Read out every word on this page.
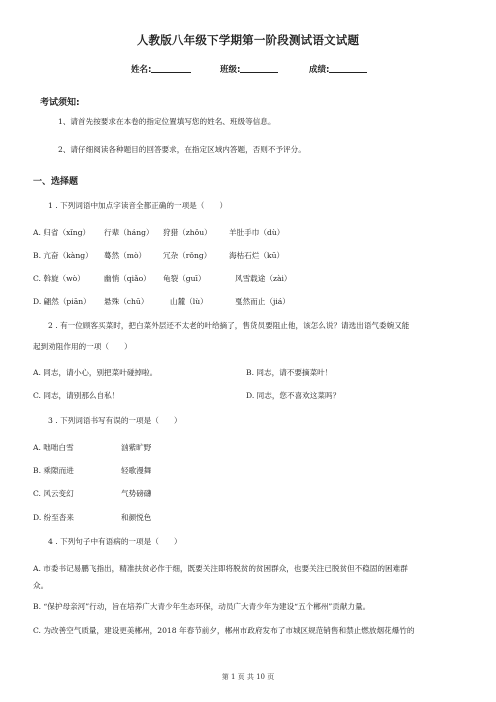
人教版八年级下学期第一阶段测试语文试题
姓名:	班级:	成绩:
考试须知:
1、请首先按要求在本卷的指定位置填写您的姓名、班级等信息。
2、请仔细阅读各种题目的回答要求，在指定区域内答题，否则不予评分。
一、选择题
1 . 下列词语中加点字读音全都正确的一项是（　　）
A. 归省（xǐng） 行辈（háng） 狩猎（zhǒu） 羊肚手巾（dù）
B. 亢奋（kàng） 蓦然（mò） 冗杂（rǒng） 海枯石烂（kū）
C. 斡旋（wò）	幽悄（qiǎo） 龟裂（guī）	风雪载途（zài）
D. 翩然（piān） 悬殊（chū）	山麓（lù）	戛然而止（jiá）
2 . 有一位顾客买菜时，把白菜外层还不太老的叶给摘了，售货员要阻止他，该怎么说？请选出语气委婉又能
起到劝阻作用的一项（　　）
A. 同志，请小心，别把菜叶碰掉啦。	B. 同志，请不要摘菜叶！
C. 同志，请别那么自私！	D. 同志，您不喜欢这菜吗？
3 . 下列词语书写有误的一项是（　　）
A. 咄咄白雪	汹紫旷野
B. 乘隙而进	轻歌漫舞
C. 风云变幻	气势磅礴
D. 纷至沓来	和颜悦色
4 . 下列句子中有语病的一项是（　　）
A. 市委书记易鹏飞指出，精准扶贫必作于细，既要关注即将脱贫的贫困群众，也要关注已脱贫但不稳固的困难群
众。
B. “保护母亲河”行动，旨在培养广大青少年生态环保，动员广大青少年为建设“五个郴州”贡献力量。
C. 为改善空气质量，建设更美郴州，2018 年春节前夕，郴州市政府发布了市城区规范销售和禁止燃放烟花爆竹的
第 1 页 共 10 页
